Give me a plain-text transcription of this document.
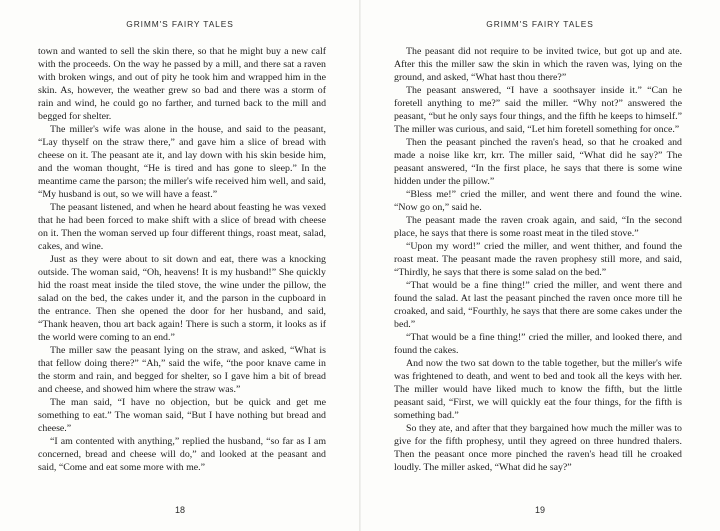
GRIMM'S FAIRY TALES

town and wanted to sell the skin there, so that he might buy a new calf with the proceeds. On the way he passed by a mill, and there sat a raven with broken wings, and out of pity he took him and wrapped him in the skin. As, however, the weather grew so bad and there was a storm of rain and wind, he could go no farther, and turned back to the mill and begged for shelter.

The miller's wife was alone in the house, and said to the peasant, “Lay thyself on the straw there,” and gave him a slice of bread with cheese on it. The peasant ate it, and lay down with his skin beside him, and the woman thought, “He is tired and has gone to sleep.” In the meantime came the parson; the miller's wife received him well, and said, “My husband is out, so we will have a feast.”

The peasant listened, and when he heard about feasting he was vexed that he had been forced to make shift with a slice of bread with cheese on it. Then the woman served up four different things, roast meat, salad, cakes, and wine.

Just as they were about to sit down and eat, there was a knocking outside. The woman said, “Oh, heavens! It is my husband!” She quickly hid the roast meat inside the tiled stove, the wine under the pillow, the salad on the bed, the cakes under it, and the parson in the cupboard in the entrance. Then she opened the door for her husband, and said, “Thank heaven, thou art back again! There is such a storm, it looks as if the world were coming to an end.”

The miller saw the peasant lying on the straw, and asked, “What is that fellow doing there?” “Ah,” said the wife, “the poor knave came in the storm and rain, and begged for shelter, so I gave him a bit of bread and cheese, and showed him where the straw was.”

The man said, “I have no objection, but be quick and get me something to eat.” The woman said, “But I have nothing but bread and cheese.”

“I am contented with anything,” replied the husband, “so far as I am concerned, bread and cheese will do,” and looked at the peasant and said, “Come and eat some more with me.”

18
GRIMM'S FAIRY TALES

The peasant did not require to be invited twice, but got up and ate. After this the miller saw the skin in which the raven was, lying on the ground, and asked, “What hast thou there?”

The peasant answered, “I have a soothsayer inside it.” “Can he foretell anything to me?” said the miller. “Why not?” answered the peasant, “but he only says four things, and the fifth he keeps to himself.” The miller was curious, and said, “Let him foretell something for once.”

Then the peasant pinched the raven's head, so that he croaked and made a noise like krr, krr. The miller said, “What did he say?” The peasant answered, “In the first place, he says that there is some wine hidden under the pillow.”

“Bless me!” cried the miller, and went there and found the wine. “Now go on,” said he.

The peasant made the raven croak again, and said, “In the second place, he says that there is some roast meat in the tiled stove.”

“Upon my word!” cried the miller, and went thither, and found the roast meat. The peasant made the raven prophesy still more, and said, “Thirdly, he says that there is some salad on the bed.”

“That would be a fine thing!” cried the miller, and went there and found the salad. At last the peasant pinched the raven once more till he croaked, and said, “Fourthly, he says that there are some cakes under the bed.”

“That would be a fine thing!” cried the miller, and looked there, and found the cakes.

And now the two sat down to the table together, but the miller's wife was frightened to death, and went to bed and took all the keys with her. The miller would have liked much to know the fifth, but the little peasant said, “First, we will quickly eat the four things, for the fifth is something bad.”

So they ate, and after that they bargained how much the miller was to give for the fifth prophesy, until they agreed on three hundred thalers. Then the peasant once more pinched the raven's head till he croaked loudly. The miller asked, “What did he say?”

19
